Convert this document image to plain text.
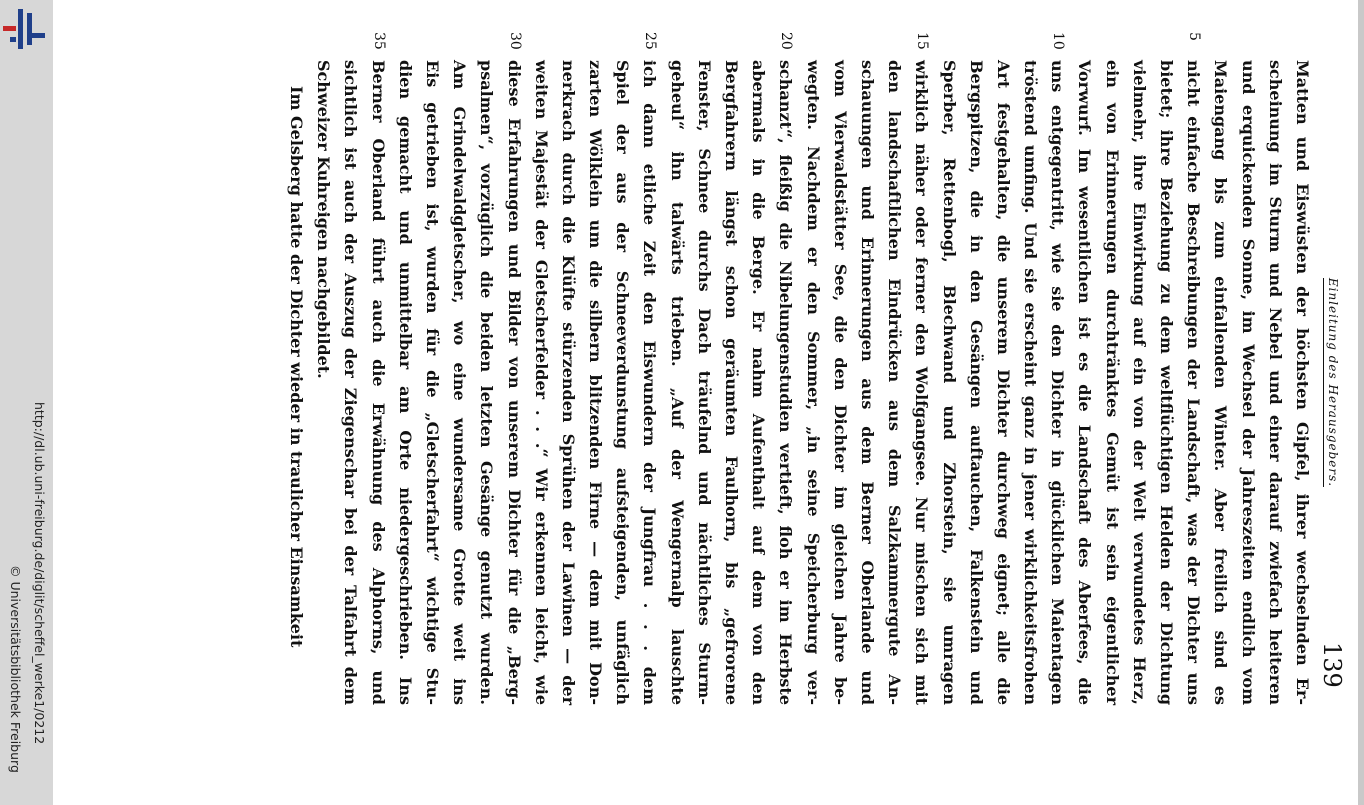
http://dl.ub.uni-freiburg.de/diglit/scheffel_werke1/0212
© Universitätsbibliothek Freiburg	139
Einleitung des Herausgebers.
Matten und Eiswüsten der höchsten Gipfel, ihrer wechselnden Er-
scheinung im Sturm und Nebel und einer darauf zwiefach heiteren
und erquickenden Sonne, im Wechsel der Jahreszeiten endlich vom
Maiengang bis zum einfallenden Winter. Aber freilich sind es
5
nicht einfache Beschreibungen der Landschaft, was der Dichter uns
bietet; ihre Beziehung zu dem weltflüchtigen Helden der Dichtung
vielmehr, ihre Einwirkung auf ein von der Welt verwundetes Herz,
ein von Erinnerungen durchtränktes Gemüt ist sein eigentlicher
Vorwurf. Im wesentlichen ist es die Landschaft des Aberfees, die
10
uns entgegentritt, wie sie den Dichter in glücklichen Maientagen
tröstend umfing. Und sie erscheint ganz in jener wirklichkeitsfrohen
Art festgehalten, die unserem Dichter durchweg eignet; alle die
Bergspitzen, die in den Gesängen auftauchen, Falkenstein und
Sperber, Rettenbogl, Blechwand und Zhorstein, sie umragen
15
wirklich näher oder ferner den Wolfgangsee. Nur mischen sich mit
den landschaftlichen Eindrücken aus dem Salzkammergute An-
schauungen und Erinnerungen aus dem Berner Oberlande und
vom Vierwaldstätter See, die den Dichter im gleichen Jahre be-
wegten. Nachdem er den Sommer, „in seine Speicherburg ver-
20
schanzt“, fleißig die Nibelungenstudien vertieft, floh er im Herbste
abermals in die Berge. Er nahm Aufenthalt auf dem von den
Bergfahrern längst schon geräumten Faulhorn, bis „gefrorene
Fenster, Schnee durchs Dach träufelnd und nächtliches Sturm-
geheul“ ihn talwärts trieben. „Auf der Wengernalp lauschte
25
ich dann etliche Zeit den Eiswundern der Jungfrau . . . dem
Spiel der aus der Schneeverdunstung aufsteigenden, unfäglich
zarten Wölklein um die silbern blitzenden Firne — dem mit Don-
nerkrach durch die Klüfte stürzenden Sprühen der Lawinen — der
weiten Majestät der Gletscherfelder . . .“ Wir erkennen leicht, wie
30
diese Erfahrungen und Bilder von unserem Dichter für die „Berg-
psalmen“, vorzüglich die beiden letzten Gesänge genutzt wurden.
Am Grindelwaldgletscher, wo eine wundersame Grotte weit ins
Eis getrieben ist, wurden für die „Gletscherfahrt“ wichtige Stu-
dien gemacht und unmittelbar am Orte niedergeschrieben. Ins
35
Berner Oberland führt auch die Erwähnung des Alphorns, und
sichtlich ist auch der Auszug der Ziegenschar bei der Talfahrt dem
Schweizer Kuhreigen nachgebildet.
Im Gelsberg hatte der Dichter wieder in traulicher Einsamkeit
